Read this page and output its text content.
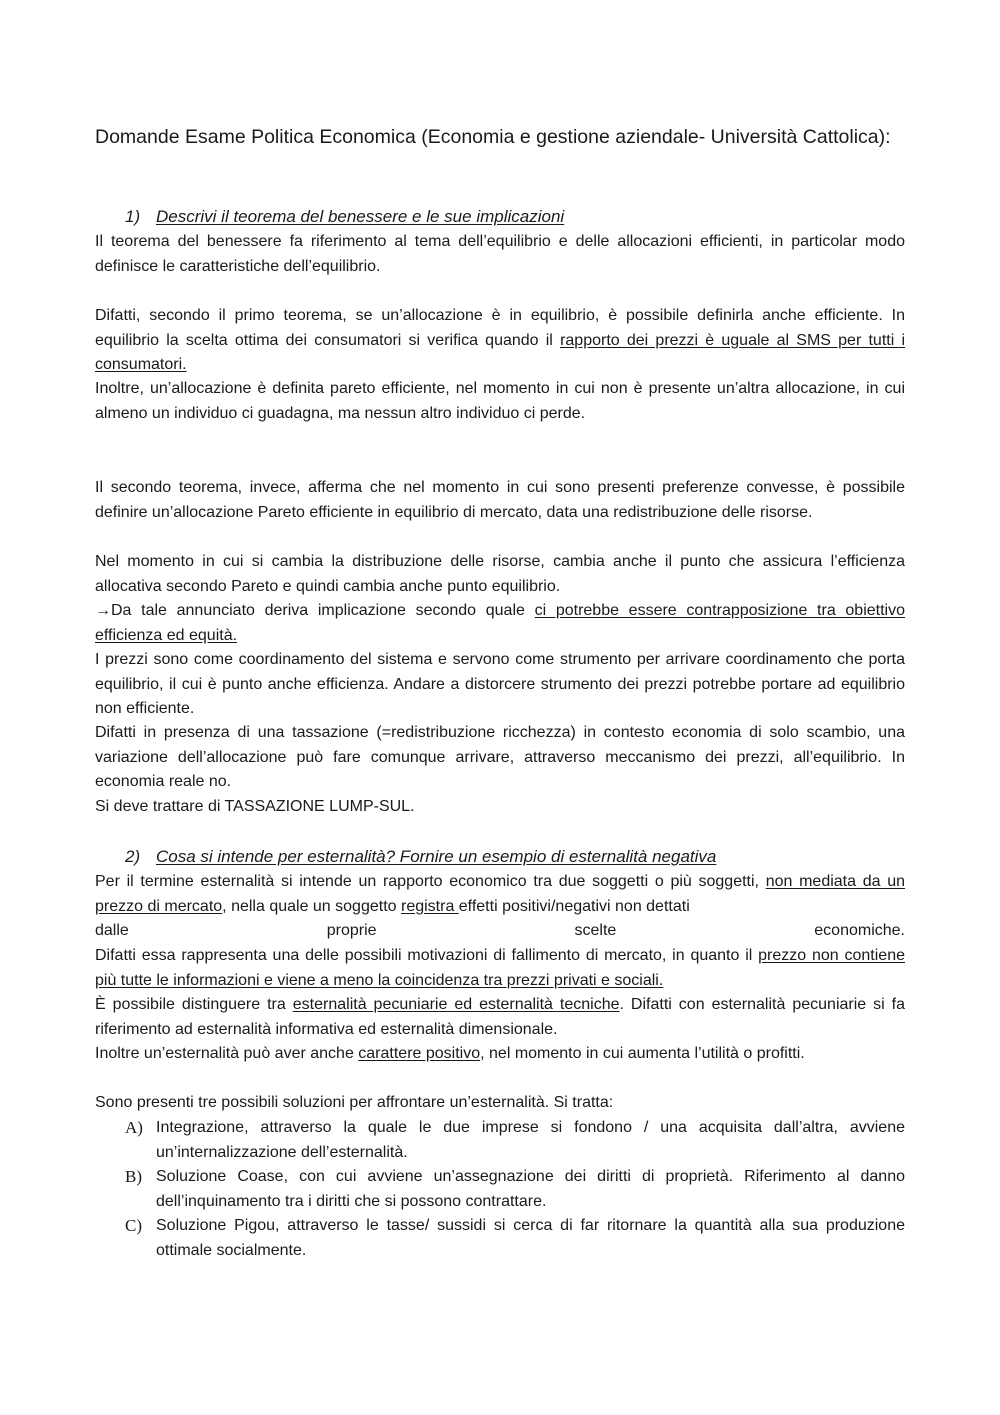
Domande Esame Politica Economica (Economia e gestione aziendale- Università Cattolica):
1) Descrivi il teorema del benessere e le sue implicazioni

Il teorema del benessere fa riferimento al tema dell’equilibrio e delle allocazioni efficienti, in particolar modo definisce le caratteristiche dell’equilibrio.

Difatti, secondo il primo teorema, se un’allocazione è in equilibrio, è possibile definirla anche efficiente. In equilibrio la scelta ottima dei consumatori si verifica quando il rapporto dei prezzi è uguale al SMS per tutti i consumatori.

Inoltre, un’allocazione è definita pareto efficiente, nel momento in cui non è presente un’altra allocazione, in cui almeno un individuo ci guadagna, ma nessun altro individuo ci perde.

Il secondo teorema, invece, afferma che nel momento in cui sono presenti preferenze convesse, è possibile definire un’allocazione Pareto efficiente in equilibrio di mercato, data una redistribuzione delle risorse.

Nel momento in cui si cambia la distribuzione delle risorse, cambia anche il punto che assicura l’efficienza allocativa secondo Pareto e quindi cambia anche punto equilibrio.

→Da tale annunciato deriva implicazione secondo quale ci potrebbe essere contrapposizione tra obiettivo efficienza ed equità.

I prezzi sono come coordinamento del sistema e servono come strumento per arrivare coordinamento che porta equilibrio, il cui è punto anche efficienza. Andare a distorcere strumento dei prezzi potrebbe portare ad equilibrio non efficiente.

Difatti in presenza di una tassazione (=redistribuzione ricchezza) in contesto economia di solo scambio, una variazione dell’allocazione può fare comunque arrivare, attraverso meccanismo dei prezzi, all’equilibrio. In economia reale no.

Si deve trattare di TASSAZIONE LUMP-SUL.

2) Cosa si intende per esternalità? Fornire un esempio di esternalità negativa
Per il termine esternalità si intende un rapporto economico tra due soggetti o più soggetti, non mediata da un prezzo di mercato, nella quale un soggetto registra effetti positivi/negativi non dettati
dalle proprie scelte economiche.

Difatti essa rappresenta una delle possibili motivazioni di fallimento di mercato, in quanto il prezzo non contiene più tutte le informazioni e viene a meno la coincidenza tra prezzi privati e sociali.

È possibile distinguere tra esternalità pecuniarie ed esternalità tecniche. Difatti con esternalità pecuniarie si fa riferimento ad esternalità informativa ed esternalità dimensionale.

Inoltre un’esternalità può aver anche carattere positivo, nel momento in cui aumenta l’utilità o profitti.

Sono presenti tre possibili soluzioni per affrontare un’esternalità. Si tratta:

A) Integrazione, attraverso la quale le due imprese si fondono / una acquisita dall’altra, avviene un’internalizzazione dell’esternalità.
B) Soluzione Coase, con cui avviene un’assegnazione dei diritti di proprietà. Riferimento al danno dell’inquinamento tra i diritti che si possono contrattare.
C) Soluzione Pigou, attraverso le tasse/ sussidi si cerca di far ritornare la quantità alla sua produzione ottimale socialmente.
